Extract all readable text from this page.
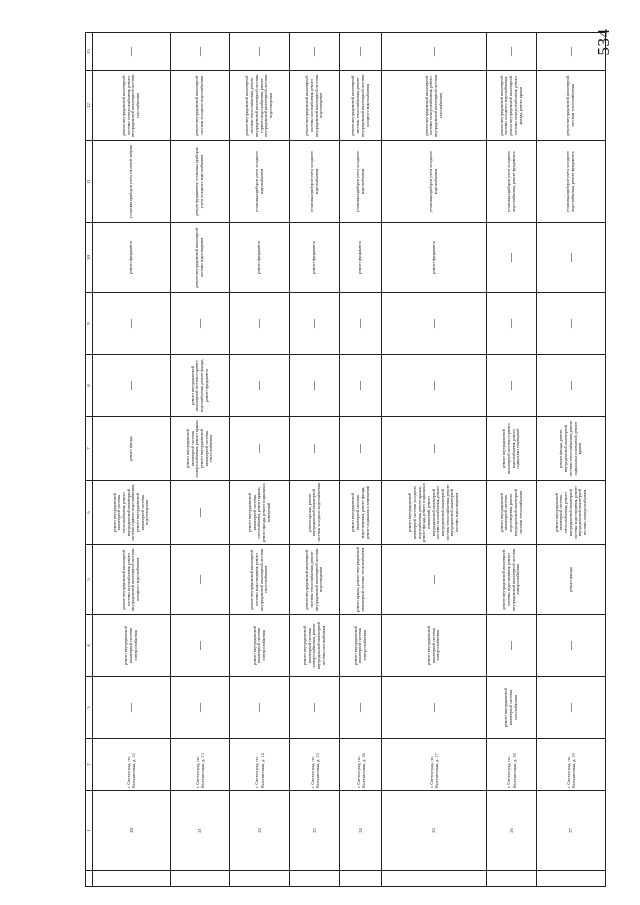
534
	1	2	3	4	5	6	7	8	9	10	11	12	13
	20	г. Светлоград, пл. Выставочная, д. 12	—	ремонт внутридомовой инженерной системы электроснабжения	ремонт внутридомовой инженерной системы газоснабжения, ремонт внутридомовой инженерной системы холодного водоснабжения	ремонт внутридомовой инженерной системы теплоснабжения, ремонт внутридомовой инженерной системы горячего водоснабжения, ремонт внутридомовой инженерной системы водоотведения	ремонт фасада	—	—	ремонт фундамента	установка приборов учета тепловой энергии	ремонт внутридомовой инженерной системы электроснабжения, ремонт внутридомовой инженерной системы газоснабжения	—
	21	г. Светлоград, пл. Выставочная, д. 13	—	—	—	—	ремонт внутридомовой инженерной системы электроснабжения, ремонт крыши, ремонт внутридомовой инженерной системы теплоснабжения	ремонт внутридомовой инженерной системы горячего водоснабжения, ремонт фасада, ремонт фундамента	—	ремонт внутридомовой инженерной системы водоотведения	ремонт фундамента, установка приборов учета холодного водоснабжения	ремонт внутридомовой инженерной системы холодного водоснабжения	—
	22	г. Светлоград, пл. Выставочная, д. 14	—	ремонт внутридомовой инженерной системы электроснабжения	ремонт внутридомовой инженерной системы водоотведения, ремонт внутридомовой инженерной системы теплоснабжения	ремонт внутридомовой инженерной системы газоснабжения, ремонт крыши, ремонт фасада, ремонт подвальных помещений	—	—	—	ремонт фундамента	установка приборов учета холодного водоснабжения	ремонт внутридомовой инженерной системы теплоснабжения, ремонт внутридомовой инженерной системы горячего водоснабжения, ремонт внутридомовой инженерной системы водоотведения	—
	23	г. Светлоград, пл. Выставочная, д. 15	—	ремонт внутридомовой инженерной системы электроснабжения, ремонт внутридомовой инженерной системы газоснабжения	ремонт внутридомовой инженерной системы теплоснабжения, ремонт внутридомовой инженерной системы водоотведения	ремонт крыши, ремонт внутридомовой инженерной системы холодного водоснабжения	—	—	—	ремонт фундамента	установка приборов учета холодного водоснабжения	ремонт внутридомовой инженерной системы газоснабжения, ремонт внутридомовой инженерной системы водоотведения	—
	24	г. Светлоград, пл. Выставочная, д. 16	—	ремонт внутридомовой инженерной системы электроснабжения	ремонт крыши, ремонт внутридомовой инженерной системы теплоснабжения	ремонт внутридомовой инженерной системы водоотведения, ремонт фасада, ремонт подвальных помещений	—	—	—	ремонт фундамента	установка приборов учета холодного водоснабжения	ремонт внутридомовой инженерной системы теплоснабжения, ремонт внутридомовой инженерной системы холодного водоснабжения	—
	25	г. Светлоград, пл. Выставочная, д. 17	—	ремонт внутридомовой инженерной системы электроснабжения	—	ремонт внутридомовой инженерной системы холодного водоснабжения, ремонт крыши, ремонт фасада, ремонт подвальных помещений, ремонт внутридомовой инженерной системы газоснабжения, ремонт внутридомовой инженерной системы теплоснабжения, ремонт внутридомовой инженерной системы водоотведения	—	—	—	ремонт фундамента	установка приборов учета холодного водоснабжения	ремонт внутридомовой инженерной системы электроснабжения, ремонт внутридомовой инженерной системы газоснабжения	—
	26	г. Светлоград, пл. Выставочная, д. 18	ремонт внутридомовой инженерной системы газоснабжения	—	ремонт внутридомовой инженерной системы водоотведения, ремонт внутридомовой инженерной системы электроснабжения	ремонт внутридомовой инженерной системы водоотведения, ремонт внутридомовой инженерной системы теплоснабжения	ремонт внутридомовой инженерной системы горячего водоснабжения, ремонт подвальных помещений	—	—	—	установка приборов учета холодного водоснабжения, ремонт фундамента	ремонт внутридомовой инженерной системы холодного водоснабжения, ремонт внутридомовой инженерной системы электроснабжения, ремонт фасада, ремонт крыши	—
	27	г. Светлоград, пл. Выставочная, д. 19	—	—	ремонт фасада	ремонт внутридомовой инженерной системы теплоснабжения, ремонт внутридомовой инженерной системы водоотведения, ремонт внутридомовой инженерной системы электроснабжения	ремонт фасада, ремонт внутридомовой инженерной системы теплоснабжения, ремонт подвальных помещений, ремонт крыши	—	—	—	установка приборов учета холодного водоснабжения, ремонт фундамента	ремонт внутридомовой инженерной системы теплоснабжения	—
